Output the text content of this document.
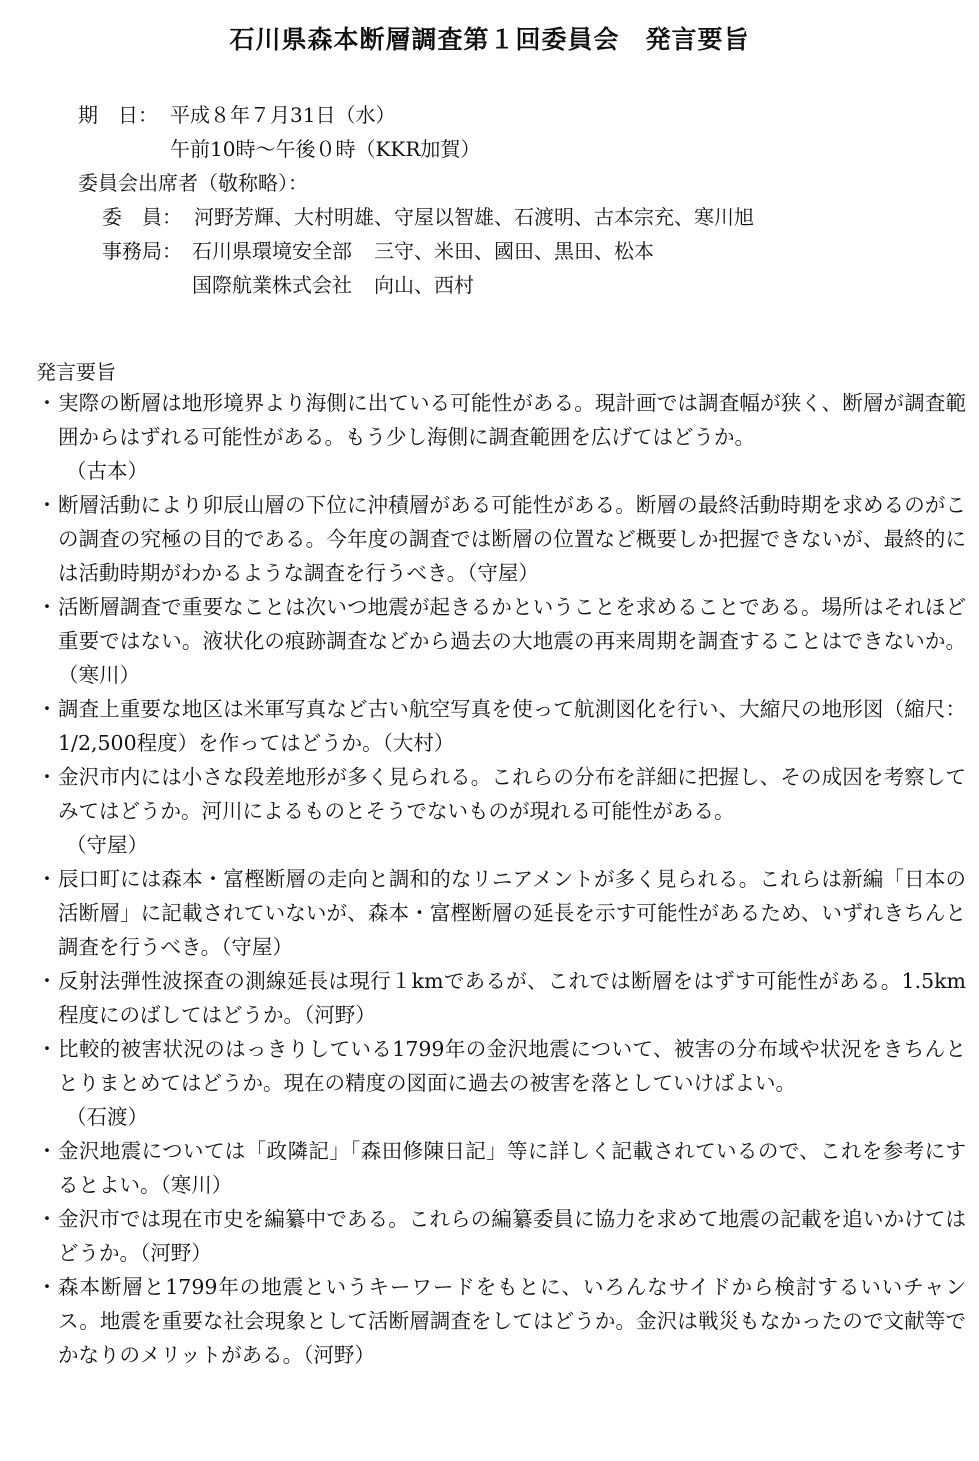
石川県森本断層調査第１回委員会　発言要旨
期　日： 平成８年７月31日（水）
午前10時～午後０時（KKR加賀）
委員会出席者（敬称略）：
委　員： 河野芳輝、大村明雄、守屋以智雄、石渡明、古本宗充、寒川旭
事務局： 石川県環境安全部 三守、米田、國田、黒田、松本
国際航業株式会社 向山、西村
発言要旨
・ 実際の断層は地形境界より海側に出ている可能性がある。現計画では調査幅が狭く、断層が調査範囲からはずれる可能性がある。もう少し海側に調査範囲を広げてはどうか。
（古本）
・ 断層活動により卯辰山層の下位に沖積層がある可能性がある。断層の最終活動時期を求めるのがこの調査の究極の目的である。今年度の調査では断層の位置など概要しか把握できないが、最終的には活動時期がわかるような調査を行うべき。（守屋）
・ 活断層調査で重要なことは次いつ地震が起きるかということを求めることである。場所はそれほど重要ではない。液状化の痕跡調査などから過去の大地震の再来周期を調査することはできないか。（寒川）
・ 調査上重要な地区は米軍写真など古い航空写真を使って航測図化を行い、大縮尺の地形図（縮尺：1/2,500程度）を作ってはどうか。（大村）
・ 金沢市内には小さな段差地形が多く見られる。これらの分布を詳細に把握し、その成因を考察してみてはどうか。河川によるものとそうでないものが現れる可能性がある。
（守屋）
・ 辰口町には森本・富樫断層の走向と調和的なリニアメントが多く見られる。これらは新編「日本の活断層」に記載されていないが、森本・富樫断層の延長を示す可能性があるため、いずれきちんと調査を行うべき。（守屋）
・ 反射法弾性波探査の測線延長は現行１kmであるが、これでは断層をはずす可能性がある。1.5km程度にのばしてはどうか。（河野）
・ 比較的被害状況のはっきりしている1799年の金沢地震について、被害の分布域や状況をきちんととりまとめてはどうか。現在の精度の図面に過去の被害を落としていけばよい。
（石渡）
・ 金沢地震については「政隣記」「森田修陳日記」等に詳しく記載されているので、これを参考にするとよい。（寒川）
・ 金沢市では現在市史を編纂中である。これらの編纂委員に協力を求めて地震の記載を追いかけてはどうか。（河野）
・ 森本断層と1799年の地震というキーワードをもとに、いろんなサイドから検討するいいチャンス。地震を重要な社会現象として活断層調査をしてはどうか。金沢は戦災もなかったので文献等でかなりのメリットがある。（河野）
